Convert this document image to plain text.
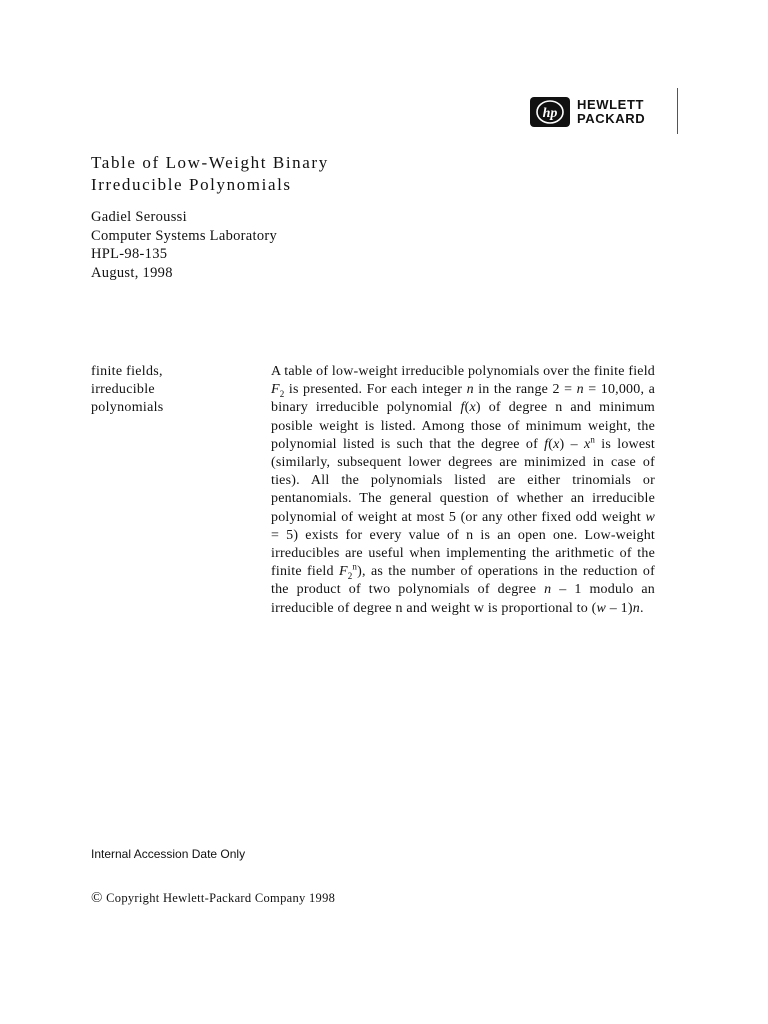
hp
HEWLETT
PACKARD
Table of Low-Weight Binary
Irreducible Polynomials
Gadiel Seroussi
Computer Systems Laboratory
HPL-98-135
August, 1998
finite fields,
irreducible
polynomials
A table of low-weight irreducible polynomials over the finite field $F_2$ is presented. For each integer n in the range 2 = n = 10,000, a binary irreducible polynomial f(x) of degree n and minimum posible weight is listed. Among those of minimum weight, the polynomial listed is such that the degree of $f(x) - x^n$ is lowest (similarly, subsequent lower degrees are minimized in case of ties). All the polynomials listed are either trinomials or pentanomials. The general question of whether an irreducible polynomial of weight at most 5 (or any other fixed odd weight w = 5) exists for every value of n is an open one. Low-weight irreducibles are useful when implementing the arithmetic of the finite field $F_2^n$), as the number of operations in the reduction of the product of two polynomials of degree n – 1 modulo an irreducible of degree n and weight w is proportional to (w – 1)n.
Internal Accession Date Only
© Copyright Hewlett-Packard Company 1998
